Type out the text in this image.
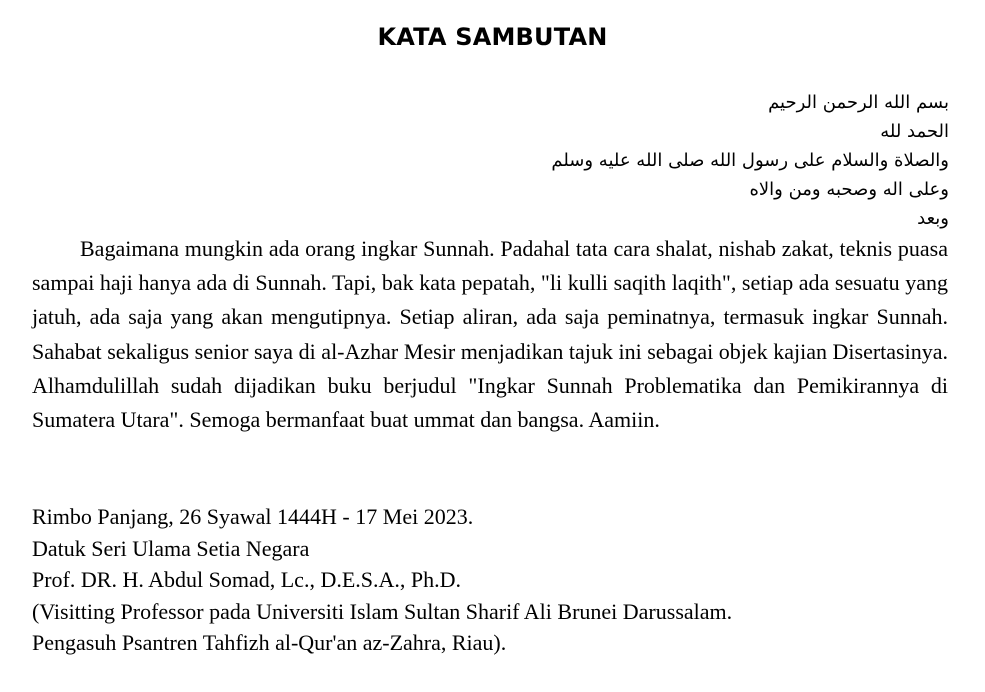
KATA SAMBUTAN
بسم الله الرحمن الرحيم
الحمد لله
والصلاة والسلام على رسول الله صلى الله عليه وسلم
وعلى اله وصحبه ومن والاه
وبعد

Bagaimana mungkin ada orang ingkar Sunnah. Padahal tata cara shalat, nishab zakat, teknis puasa sampai haji hanya ada di Sunnah. Tapi, bak kata pepatah, "li kulli saqith laqith", setiap ada sesuatu yang jatuh, ada saja yang akan mengutipnya. Setiap aliran, ada saja peminatnya, termasuk ingkar Sunnah. Sahabat sekaligus senior saya di al-Azhar Mesir menjadikan tajuk ini sebagai objek kajian Disertasinya. Alhamdulillah sudah dijadikan buku berjudul "Ingkar Sunnah Problematika dan Pemikirannya di Sumatera Utara". Semoga bermanfaat buat ummat dan bangsa. Aamiin.

Rimbo Panjang, 26 Syawal 1444H - 17 Mei 2023.
Datuk Seri Ulama Setia Negara
Prof. DR. H. Abdul Somad, Lc., D.E.S.A., Ph.D.
(Visitting Professor pada Universiti Islam Sultan Sharif Ali Brunei Darussalam.
Pengasuh Psantren Tahfizh al-Qur'an az-Zahra, Riau).
